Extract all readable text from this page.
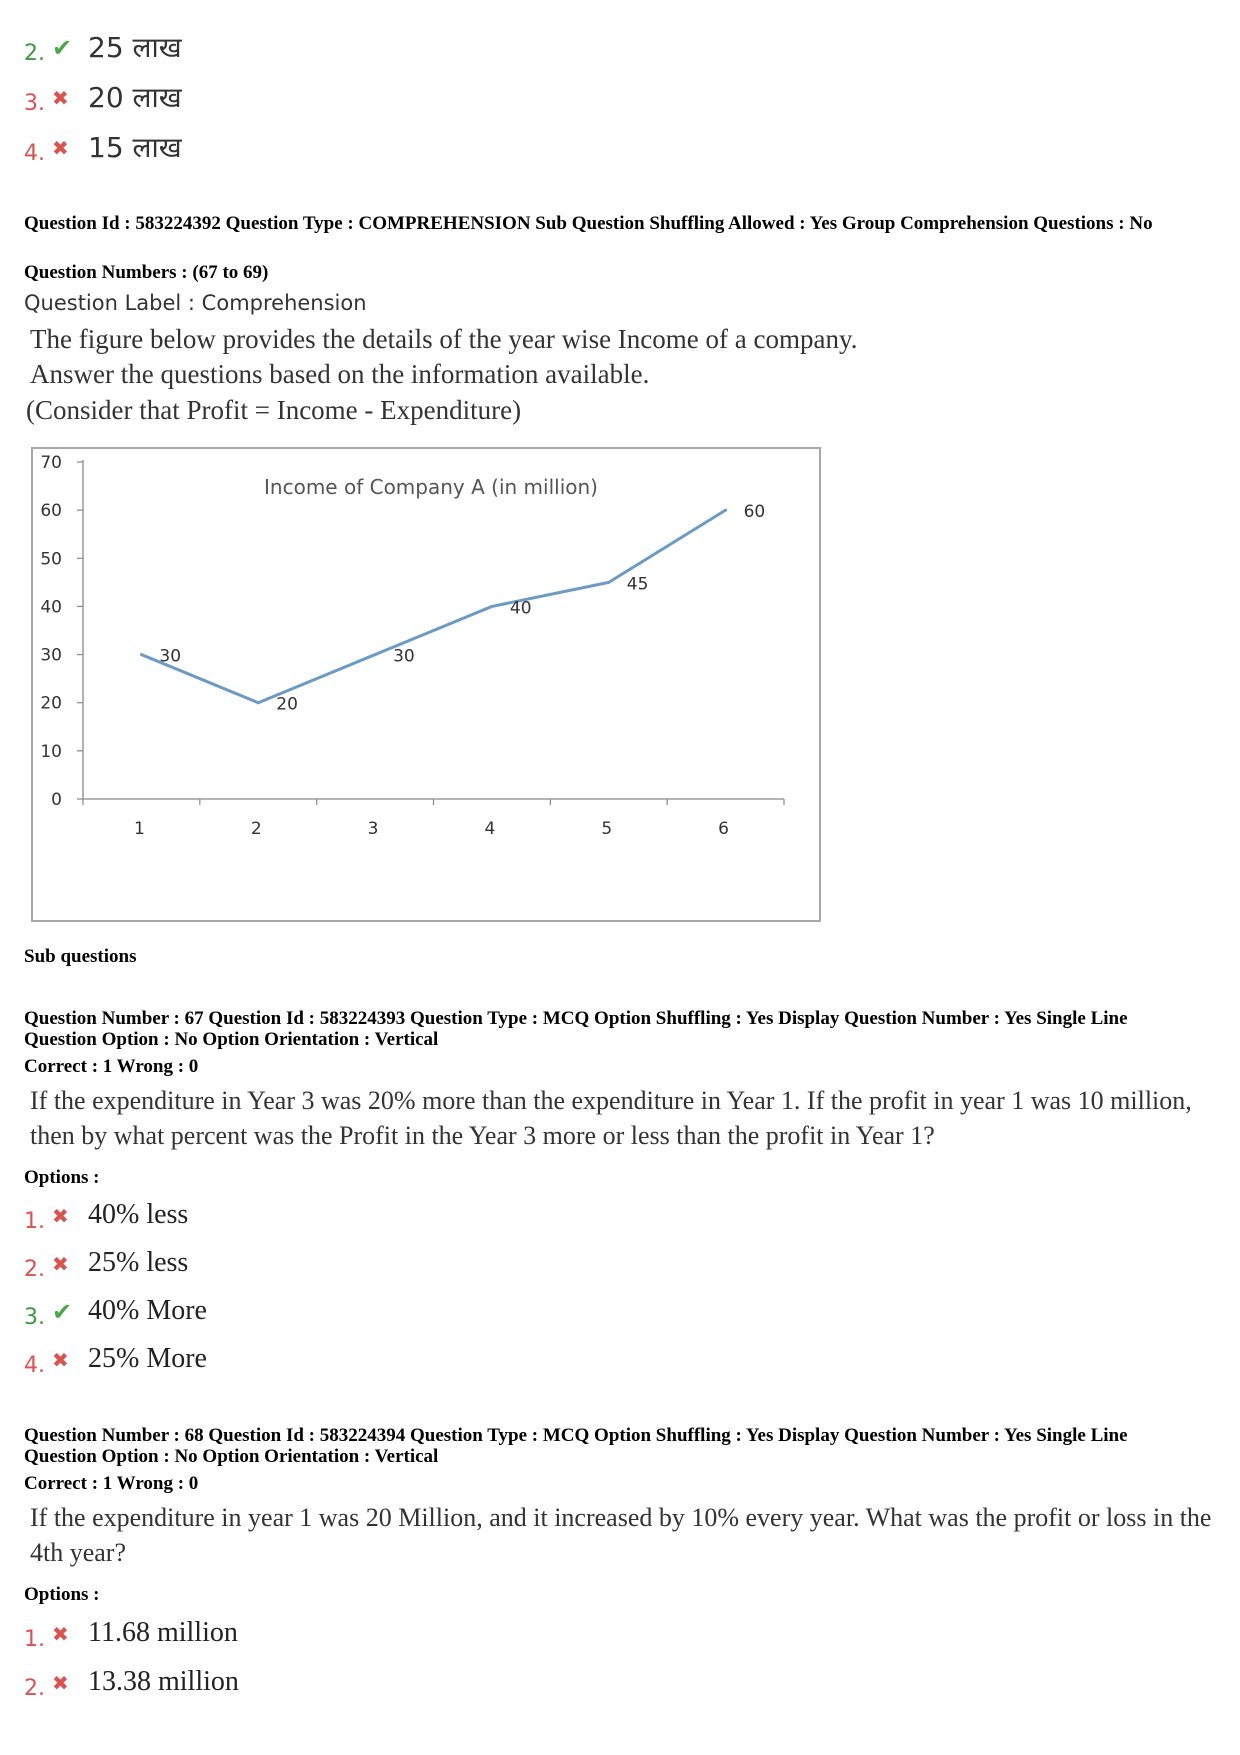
2. ✔ 25 लाख
3. ✖ 20 लाख
4. ✖ 15 लाख
Question Id : 583224392 Question Type : COMPREHENSION Sub Question Shuffling Allowed : Yes Group Comprehension Questions : No
Question Numbers : (67 to 69)
Question Label : Comprehension
The figure below provides the details of the year wise Income of a company.
Answer the questions based on the information available.
(Consider that Profit = Income - Expenditure)
0
10
20
30
40
50
60
70
1	2	3	4	5	6
Income of Company A (in million)
30
20
30
40
45
60
Sub questions
Question Number : 67 Question Id : 583224393 Question Type : MCQ Option Shuffling : Yes Display Question Number : Yes Single Line Question Option : No Option Orientation : Vertical
Correct : 1 Wrong : 0
If the expenditure in Year 3 was 20% more than the expenditure in Year 1. If the profit in year 1 was 10 million, then by what percent was the Profit in the Year 3 more or less than the profit in Year 1?
Options :
1. ✖ 40% less
2. ✖ 25% less
3. ✔ 40% More
4. ✖ 25% More
Question Number : 68 Question Id : 583224394 Question Type : MCQ Option Shuffling : Yes Display Question Number : Yes Single Line Question Option : No Option Orientation : Vertical
Correct : 1 Wrong : 0
If the expenditure in year 1 was 20 Million, and it increased by 10% every year. What was the profit or loss in the 4th year?
Options :
1. ✖ 11.68 million
2. ✖ 13.38 million
